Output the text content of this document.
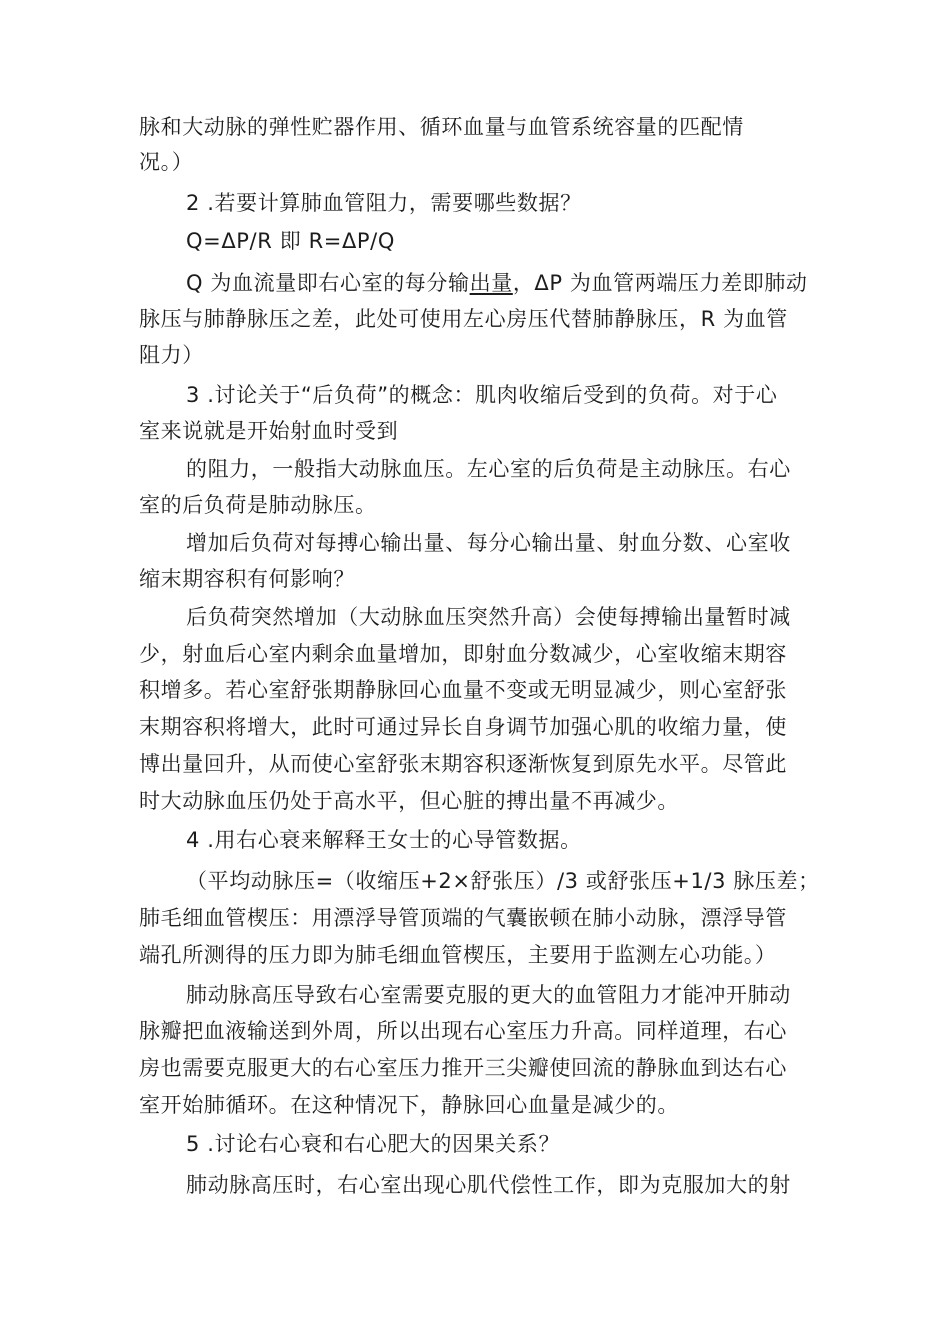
脉和大动脉的弹性贮器作用、循环血量与血管系统容量的匹配情
况。）
2 .若要计算肺血管阻力，需要哪些数据？
Q=ΔP/R 即 R=ΔP/Q
Q 为血流量即右心室的每分输出量，ΔP 为血管两端压力差即肺动
脉压与肺静脉压之差，此处可使用左心房压代替肺静脉压，R 为血管
阻力）
3 .讨论关于“后负荷”的概念：肌肉收缩后受到的负荷。对于心
室来说就是开始射血时受到
的阻力，一般指大动脉血压。左心室的后负荷是主动脉压。右心
室的后负荷是肺动脉压。
增加后负荷对每搏心输出量、每分心输出量、射血分数、心室收
缩末期容积有何影响？
后负荷突然增加（大动脉血压突然升高）会使每搏输出量暂时减
少，射血后心室内剩余血量增加，即射血分数减少，心室收缩末期容
积增多。若心室舒张期静脉回心血量不变或无明显减少，则心室舒张
末期容积将增大，此时可通过异长自身调节加强心肌的收缩力量，使
博出量回升，从而使心室舒张末期容积逐渐恢复到原先水平。尽管此
时大动脉血压仍处于高水平，但心脏的搏出量不再减少。
4 .用右心衰来解释王女士的心导管数据。
（平均动脉压=（收缩压+2×舒张压）/3 或舒张压+1/3 脉压差；
肺毛细血管楔压：用漂浮导管顶端的气囊嵌顿在肺小动脉，漂浮导管
端孔所测得的压力即为肺毛细血管楔压，主要用于监测左心功能。）
肺动脉高压导致右心室需要克服的更大的血管阻力才能冲开肺动
脉瓣把血液输送到外周，所以出现右心室压力升高。同样道理，右心
房也需要克服更大的右心室压力推开三尖瓣使回流的静脉血到达右心
室开始肺循环。在这种情况下，静脉回心血量是减少的。
5 .讨论右心衰和右心肥大的因果关系？
肺动脉高压时，右心室出现心肌代偿性工作，即为克服加大的射
